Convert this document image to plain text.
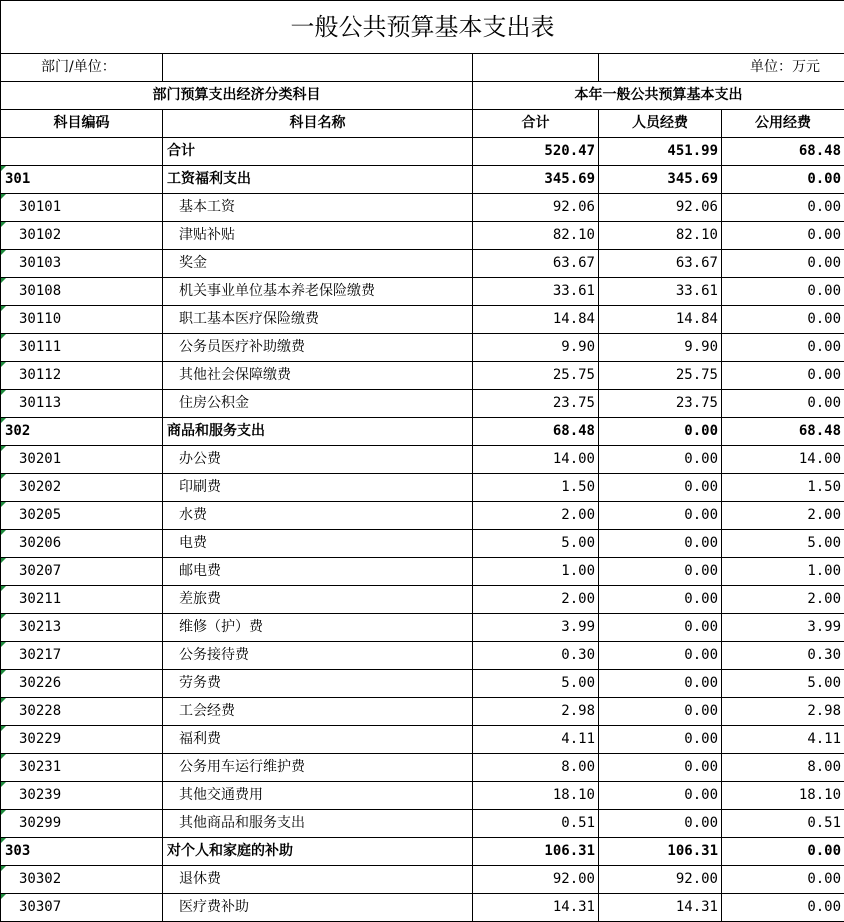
一般公共预算基本支出表				
部门/单位：			单位：万元	
部门预算支出经济分类科目		本年一般公共预算基本支出		
科目编码	科目名称	合计	人员经费	公用经费
	合计	520.47	451.99	68.48
301	工资福利支出	345.69	345.69	0.00
30101	基本工资	92.06	92.06	0.00
30102	津贴补贴	82.10	82.10	0.00
30103	奖金	63.67	63.67	0.00
30108	机关事业单位基本养老保险缴费	33.61	33.61	0.00
30110	职工基本医疗保险缴费	14.84	14.84	0.00
30111	公务员医疗补助缴费	9.90	9.90	0.00
30112	其他社会保障缴费	25.75	25.75	0.00
30113	住房公积金	23.75	23.75	0.00
302	商品和服务支出	68.48	0.00	68.48
30201	办公费	14.00	0.00	14.00
30202	印刷费	1.50	0.00	1.50
30205	水费	2.00	0.00	2.00
30206	电费	5.00	0.00	5.00
30207	邮电费	1.00	0.00	1.00
30211	差旅费	2.00	0.00	2.00
30213	维修（护）费	3.99	0.00	3.99
30217	公务接待费	0.30	0.00	0.30
30226	劳务费	5.00	0.00	5.00
30228	工会经费	2.98	0.00	2.98
30229	福利费	4.11	0.00	4.11
30231	公务用车运行维护费	8.00	0.00	8.00
30239	其他交通费用	18.10	0.00	18.10
30299	其他商品和服务支出	0.51	0.00	0.51
303	对个人和家庭的补助	106.31	106.31	0.00
30302	退休费	92.00	92.00	0.00
30307	医疗费补助	14.31	14.31	0.00
